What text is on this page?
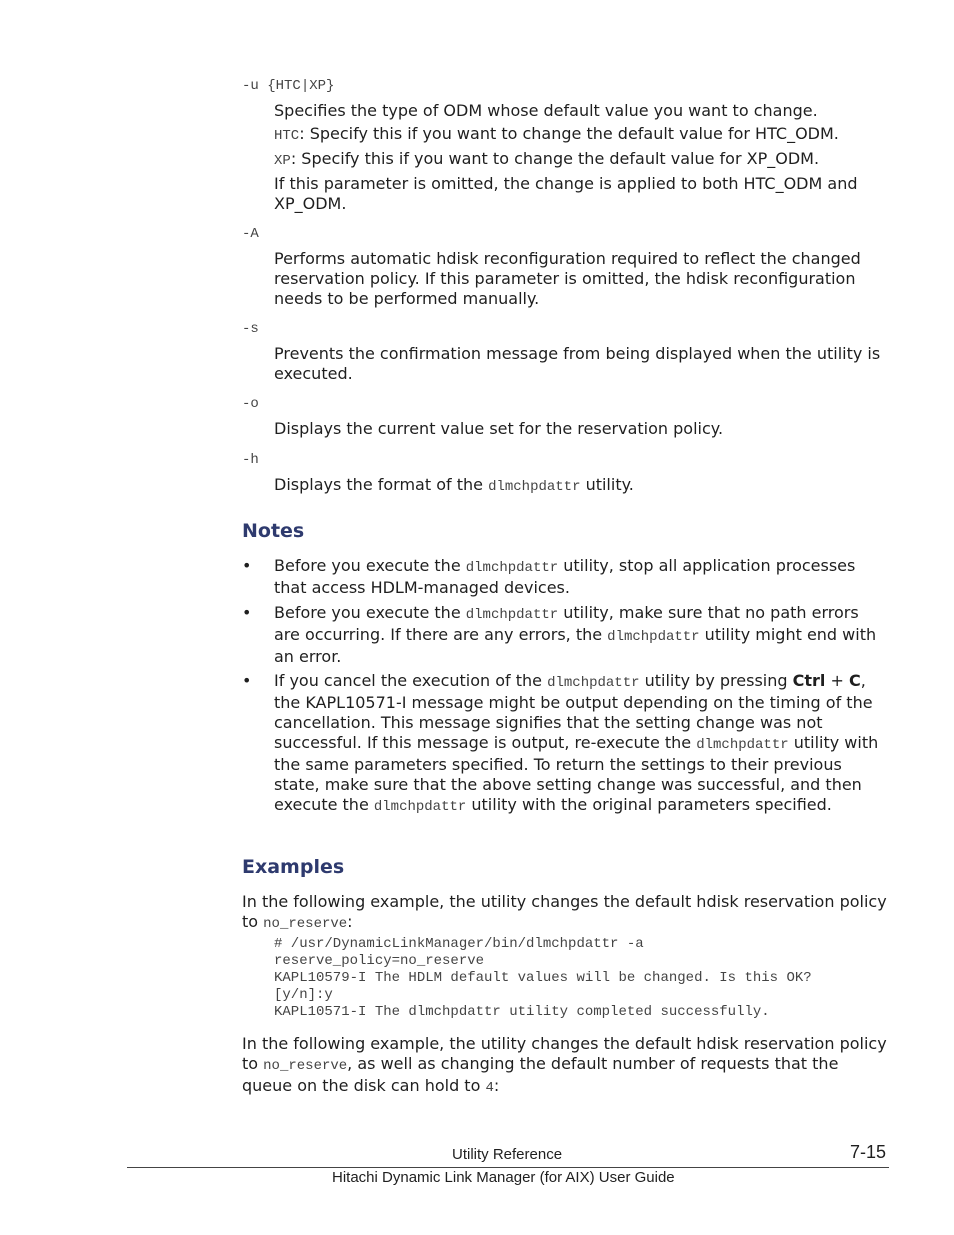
-u {HTC|XP}
Specifies the type of ODM whose default value you want to change.
HTC: Specify this if you want to change the default value for HTC_ODM.
XP: Specify this if you want to change the default value for XP_ODM.
If this parameter is omitted, the change is applied to both HTC_ODM and XP_ODM.
-A
Performs automatic hdisk reconfiguration required to reflect the changed reservation policy. If this parameter is omitted, the hdisk reconfiguration needs to be performed manually.
-s
Prevents the confirmation message from being displayed when the utility is executed.
-o
Displays the current value set for the reservation policy.
-h
Displays the format of the dlmchpdattr utility.
Notes
• Before you execute the dlmchpdattr utility, stop all application processes that access HDLM-managed devices.
• Before you execute the dlmchpdattr utility, make sure that no path errors are occurring. If there are any errors, the dlmchpdattr utility might end with an error.
• If you cancel the execution of the dlmchpdattr utility by pressing Ctrl + C, the KAPL10571-I message might be output depending on the timing of the cancellation. This message signifies that the setting change was not successful. If this message is output, re-execute the dlmchpdattr utility with the same parameters specified. To return the settings to their previous state, make sure that the above setting change was successful, and then execute the dlmchpdattr utility with the original parameters specified.
Examples
In the following example, the utility changes the default hdisk reservation policy to no_reserve:
# /usr/DynamicLinkManager/bin/dlmchpdattr -a
reserve_policy=no_reserve
KAPL10579-I The HDLM default values will be changed. Is this OK?
[y/n]:y
KAPL10571-I The dlmchpdattr utility completed successfully.
In the following example, the utility changes the default hdisk reservation policy to no_reserve, as well as changing the default number of requests that the queue on the disk can hold to 4:
Utility Reference	7-15
Hitachi Dynamic Link Manager (for AIX) User Guide
